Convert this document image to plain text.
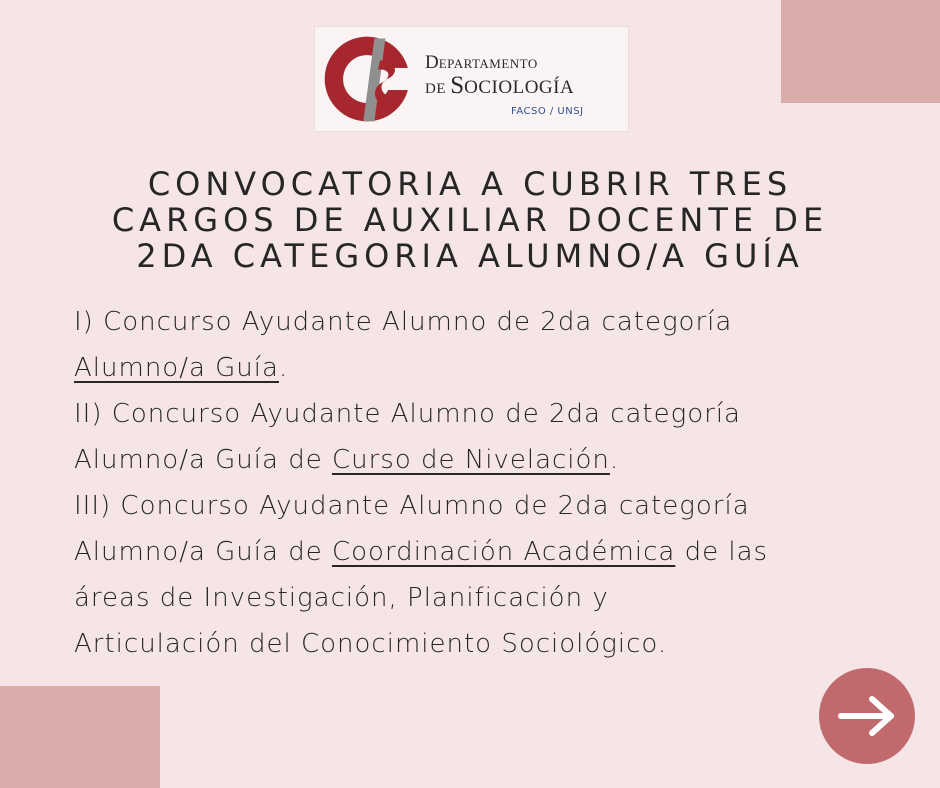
DEPARTAMENTO
DE SOCIOLOGÍA
FACSO / UNSJ
CONVOCATORIA A CUBRIR TRES
CARGOS DE AUXILIAR DOCENTE DE
2DA CATEGORIA ALUMNO/A GUÍA

I) Concurso Ayudante Alumno de 2da categoría
Alumno/a Guía.

II) Concurso Ayudante Alumno de 2da categoría
Alumno/a Guía de Curso de Nivelación.

III) Concurso Ayudante Alumno de 2da categoría
Alumno/a Guía de Coordinación Académica de las
áreas de Investigación, Planificación y
Articulación del Conocimiento Sociológico.
